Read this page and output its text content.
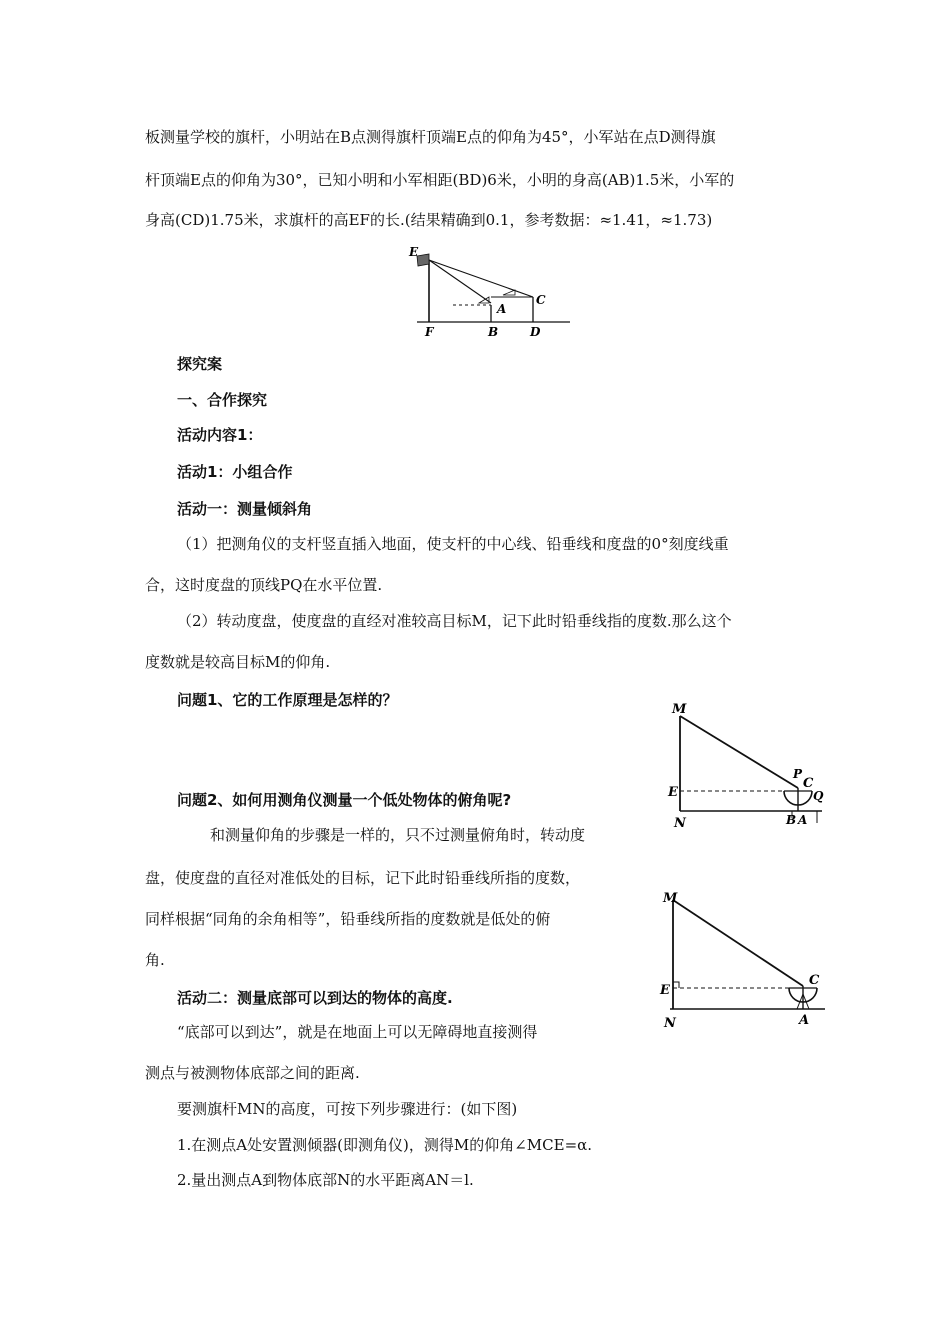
板测量学校的旗杆，小明站在B点测得旗杆顶端E点的仰角为45°，小军站在点D测得旗
杆顶端E点的仰角为30°，已知小明和小军相距(BD)6米，小明的身高(AB)1.5米，小军的
身高(CD)1.75米，求旗杆的高EF的长.(结果精确到0.1，参考数据：≈1.41，≈1.73)
E
A
C
F	B	D
探究案
一、合作探究
活动内容1：
活动1：小组合作
活动一：测量倾斜角
（1）把测角仪的支杆竖直插入地面，使支杆的中心线、铅垂线和度盘的0°刻度线重
合，这时度盘的顶线PQ在水平位置.
（2）转动度盘，使度盘的直经对准较高目标M，记下此时铅垂线指的度数.那么这个
度数就是较高目标M的仰角.
问题1、它的工作原理是怎样的？
M
P
C
E	Q
N	B A
问题2、如何用测角仪测量一个低处物体的俯角呢?
和测量仰角的步骤是一样的，只不过测量俯角时，转动度
盘，使度盘的直径对准低处的目标，记下此时铅垂线所指的度数，
同样根据“同角的余角相等”，铅垂线所指的度数就是低处的俯
角.
M
C
E
N	A
活动二：测量底部可以到达的物体的高度.
“底部可以到达”，就是在地面上可以无障碍地直接测得
测点与被测物体底部之间的距离.
要测旗杆MN的高度，可按下列步骤进行：(如下图)
1.在测点A处安置测倾器(即测角仪)，测得M的仰角∠MCE=α.
2.量出测点A到物体底部N的水平距离AN＝l.
